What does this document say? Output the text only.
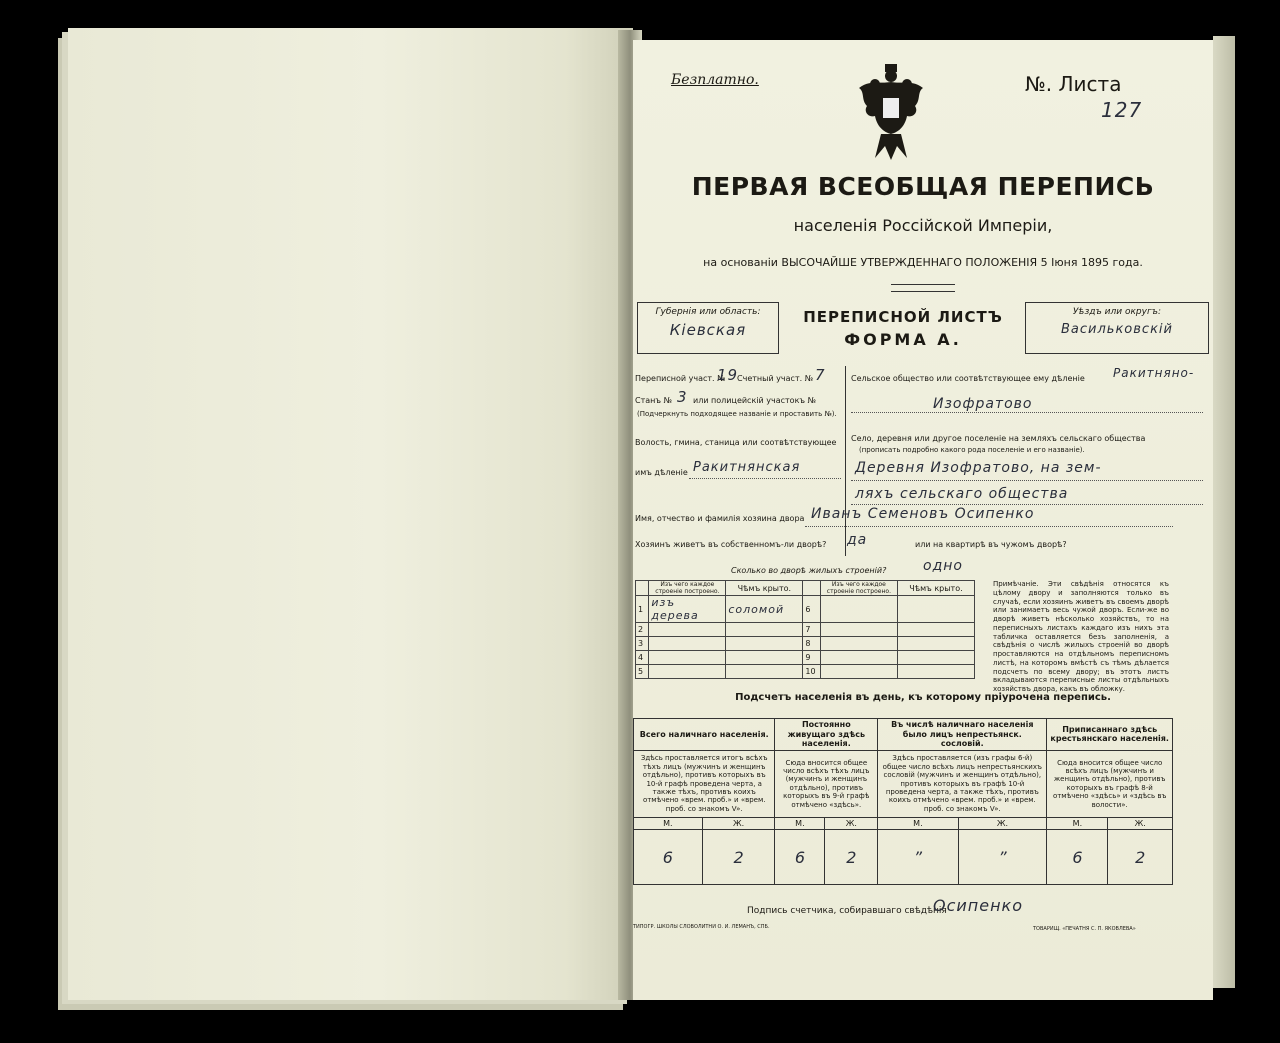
Безплатно.	№. Листа
127
ПЕРВАЯ ВСЕОБЩАЯ ПЕРЕПИСЬ
населенія Россійской Имперіи,
на основаніи ВЫСОЧАЙШЕ УТВЕРЖДЕННАГО ПОЛОЖЕНІЯ 5 Іюня 1895 года.
Губернія или область:
Кіевская
ПЕРЕПИСНОЙ ЛИСТЪ
ФОРМА А.
Уѣздъ или округъ:
Васильковскій
Переписной участ. №
19
Счетный участ. № 7
Станъ № 3 или полицейскій участокъ №
(Подчеркнуть подходящее названіе и проставить №).
Волость, гмина, станица или соотвѣтствующее
имъ дѣленіе Ракитнянская
Сельское общество или соотвѣтствующее ему дѣленіе Ракитняно-
Изофратово
Село, деревня или другое поселеніе на земляхъ сельскаго общества
(прописать подробно какого рода поселеніе и его названіе).
Деревня Изофратово, на зем-
ляхъ сельскаго общества
Имя, отчество и фамилія хозяина двора Иванъ Семеновъ Осипенко
Хозяинъ живетъ въ собственномъ-ли дворѣ? да	или на квартирѣ въ чужомъ дворѣ?
Сколько во дворѣ жилыхъ строеній?	одно
	Изъ чего каждое строеніе построено.	Чѣмъ крыто.		Изъ чего каждое строеніе построено.	Чѣмъ крыто.
1	изъ дерева	соломой	6		
2			7		
3			8		
4			9		
5			10		
Примѣчаніе. Эти свѣдѣнія относятся къ цѣлому двору и заполняются только въ случаѣ, если хозяинъ живетъ въ своемъ дворѣ или занимаетъ весь чужой дворъ. Если-же во дворѣ живетъ нѣсколько хозяйствъ, то на переписныхъ листахъ каждаго изъ нихъ эта табличка оставляется безъ заполненія, а свѣдѣнія о числѣ жилыхъ строеній во дворѣ проставляются на отдѣльномъ переписномъ листѣ, на которомъ вмѣстѣ съ тѣмъ дѣлается подсчетъ по всему двору; въ этотъ листъ вкладываются переписные листы отдѣльныхъ хозяйствъ двора, какъ въ обложку.
Подсчетъ населенія въ день, къ которому пріурочена перепись.
Всего наличнаго населенія.		Постоянно живущаго здѣсь населенія.		Въ числѣ наличнаго населенія было лицъ непрестьянск. сословій.		Приписаннаго здѣсь крестьянскаго населенія.	
Здѣсь проставляется итогъ всѣхъ тѣхъ лицъ (мужчинъ и женщинъ отдѣльно), противъ которыхъ въ 10-й графѣ проведена черта, а также тѣхъ, противъ коихъ отмѣчено «врем. проб.» и «врем. проб. со знакомъ V».		Сюда вносится общее число всѣхъ тѣхъ лицъ (мужчинъ и женщинъ отдѣльно), противъ которыхъ въ 9-й графѣ отмѣчено «здѣсь».		Здѣсь проставляется (изъ графы 6-й) общее число всѣхъ лицъ непрестьянскихъ сословій (мужчинъ и женщинъ отдѣльно), противъ которыхъ въ графѣ 10-й проведена черта, а также тѣхъ, противъ коихъ отмѣчено «врем. проб.» и «врем. проб. со знакомъ V».		Сюда вносится общее число всѣхъ лицъ (мужчинъ и женщинъ отдѣльно), противъ которыхъ въ графѣ 8-й отмѣчено «здѣсь» и «здѣсь въ волости».	
М.	Ж.	М.	Ж.	М.	Ж.	М.	Ж.
6	2	6	2	”	”	6	2
Подпись счетчика, собиравшаго свѣдѣнія
Осипенко
ТИПОГР. ШКОЛЫ СЛОВОЛИТНИ О. И. ЛЕМАНЪ, СПБ.	ТОВАРИЩ. «ПЕЧАТНЯ С. П. ЯКОВЛЕВА»
